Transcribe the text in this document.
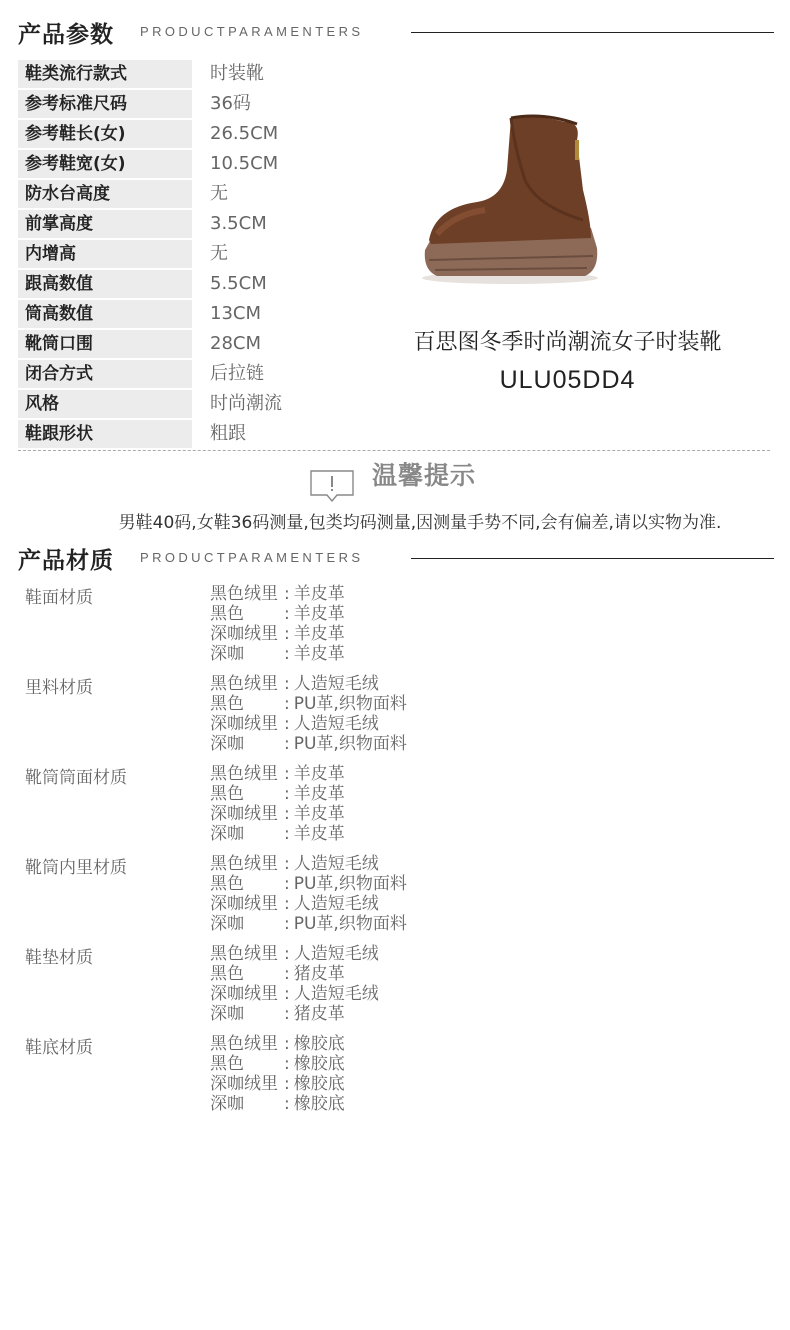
产品参数 PRODUCTPARAMENTERS
鞋类流行款式	时装靴
参考标准尺码	36码
参考鞋长(女)	26.5CM
参考鞋宽(女)	10.5CM
防水台高度	无
前掌高度	3.5CM
内增高	无
跟高数值	5.5CM
筒高数值	13CM
靴筒口围	28CM
闭合方式	后拉链
风格	时尚潮流
鞋跟形状	粗跟
百思图冬季时尚潮流女子时装靴
ULU05DD4
温馨提示
男鞋40码,女鞋36码测量,包类均码测量,因测量手势不同,会有偏差,请以实物为准.
产品材质 PRODUCTPARAMENTERS
鞋面材质	黑色绒里 : 羊皮革
黑色 : 羊皮革
深咖绒里 : 羊皮革
深咖 : 羊皮革
里料材质	黑色绒里 : 人造短毛绒
黑色 : PU革,织物面料
深咖绒里 : 人造短毛绒
深咖 : PU革,织物面料
靴筒筒面材质	黑色绒里 : 羊皮革
黑色 : 羊皮革
深咖绒里 : 羊皮革
深咖 : 羊皮革
靴筒内里材质	黑色绒里 : 人造短毛绒
黑色 : PU革,织物面料
深咖绒里 : 人造短毛绒
深咖 : PU革,织物面料
鞋垫材质	黑色绒里 : 人造短毛绒
黑色 : 猪皮革
深咖绒里 : 人造短毛绒
深咖 : 猪皮革
鞋底材质	黑色绒里 : 橡胶底
黑色 : 橡胶底
深咖绒里 : 橡胶底
深咖 : 橡胶底
